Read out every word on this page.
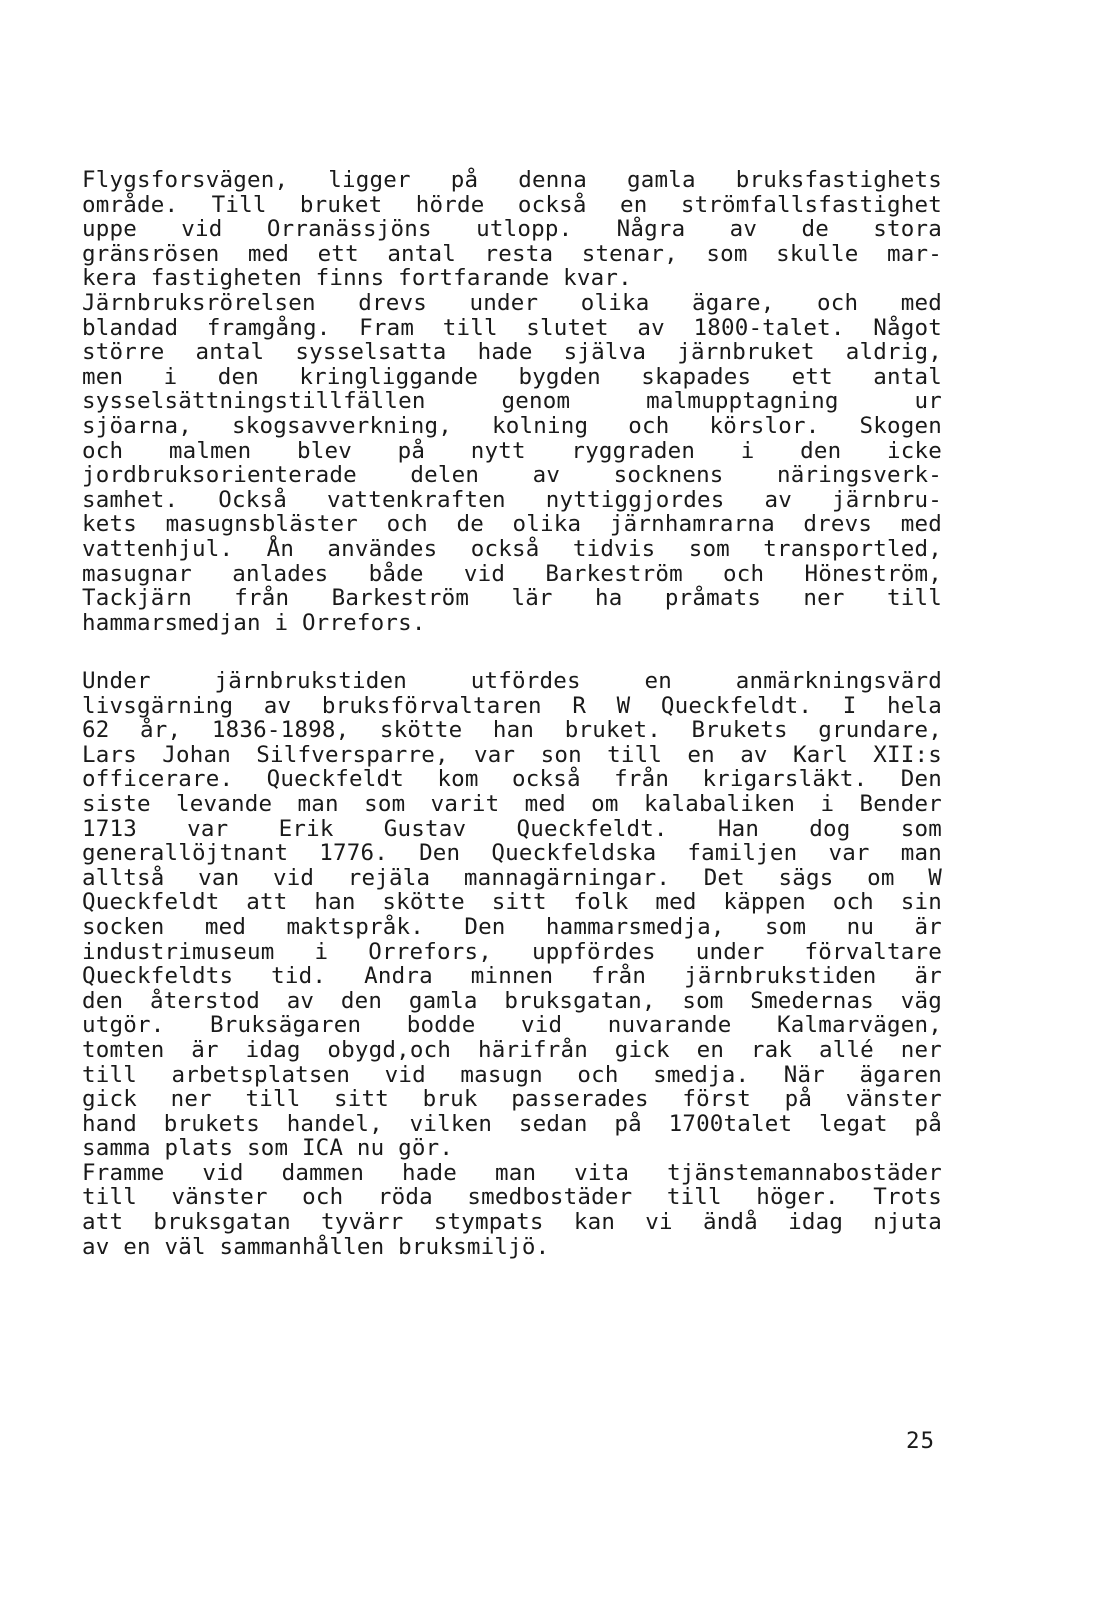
Flygsforsvägen, ligger på denna gamla bruksfastighets
område. Till bruket hörde också en strömfallsfastighet
uppe vid Orranässjöns utlopp. Några av de stora
gränsrösen med ett antal resta stenar, som skulle mar-
kera fastigheten finns fortfarande kvar.
Järnbruksrörelsen drevs under olika ägare, och med
blandad framgång. Fram till slutet av 1800-talet. Något
större antal sysselsatta hade själva järnbruket aldrig,
men i den kringliggande bygden skapades ett antal
sysselsättningstillfällen genom malmupptagning ur
sjöarna, skogsavverkning, kolning och körslor. Skogen
och malmen blev på nytt ryggraden i den icke
jordbruksorienterade delen av socknens näringsverk-
samhet. Också vattenkraften nyttiggjordes av järnbru-
kets masugnsbläster och de olika järnhamrarna drevs med
vattenhjul. Ån användes också tidvis som transportled,
masugnar anlades både vid Barkeström och Höneström,
Tackjärn från Barkeström lär ha pråmats ner till
hammarsmedjan i Orrefors.
Under järnbrukstiden utfördes en anmärkningsvärd
livsgärning av bruksförvaltaren R W Queckfeldt. I hela
62 år, 1836-1898, skötte han bruket. Brukets grundare,
Lars Johan Silfversparre, var son till en av Karl XII:s
officerare. Queckfeldt kom också från krigarsläkt. Den
siste levande man som varit med om kalabaliken i Bender
1713 var Erik Gustav Queckfeldt. Han dog som
generallöjtnant 1776. Den Queckfeldska familjen var man
alltså van vid rejäla mannagärningar. Det sägs om W
Queckfeldt att han skötte sitt folk med käppen och sin
socken med maktspråk. Den hammarsmedja, som nu är
industrimuseum i Orrefors, uppfördes under förvaltare
Queckfeldts tid. Andra minnen från järnbrukstiden är
den återstod av den gamla bruksgatan, som Smedernas väg
utgör. Bruksägaren bodde vid nuvarande Kalmarvägen,
tomten är idag obygd,och härifrån gick en rak allé ner
till arbetsplatsen vid masugn och smedja. När ägaren
gick ner till sitt bruk passerades först på vänster
hand brukets handel, vilken sedan på 1700talet legat på
samma plats som ICA nu gör.
Framme vid dammen hade man vita tjänstemannabostäder
till vänster och röda smedbostäder till höger. Trots
att bruksgatan tyvärr stympats kan vi ändå idag njuta
av en väl sammanhållen bruksmiljö.
25
